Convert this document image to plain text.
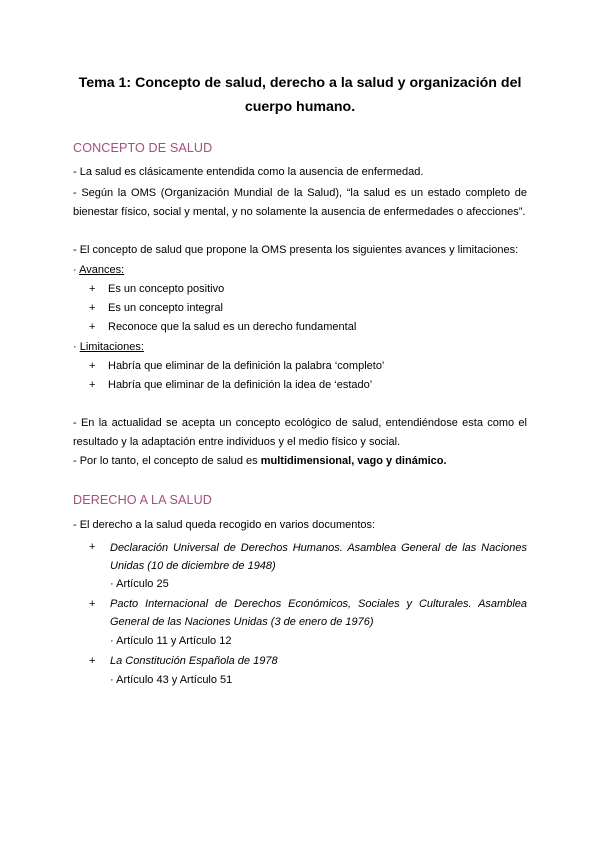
Tema 1: Concepto de salud, derecho a la salud y organización del
cuerpo humano.
CONCEPTO DE SALUD
- La salud es clásicamente entendida como la ausencia de enfermedad.
- Según la OMS (Organización Mundial de la Salud), “la salud es un estado completo de bienestar físico, social y mental, y no solamente la ausencia de enfermedades o afecciones”.
- El concepto de salud que propone la OMS presenta los siguientes avances y limitaciones:
· Avances:
+ Es un concepto positivo
+ Es un concepto integral
+ Reconoce que la salud es un derecho fundamental
· Limitaciones:
+ Habría que eliminar de la definición la palabra ‘completo’
+ Habría que eliminar de la definición la idea de ‘estado’
- En la actualidad se acepta un concepto ecológico de salud, entendiéndose esta como el resultado y la adaptación entre individuos y el medio físico y social.
- Por lo tanto, el concepto de salud es multidimensional, vago y dinámico.
DERECHO A LA SALUD
- El derecho a la salud queda recogido en varios documentos:
+ Declaración Universal de Derechos Humanos. Asamblea General de las Naciones Unidas (10 de diciembre de 1948)
· Artículo 25
+ Pacto Internacional de Derechos Económicos, Sociales y Culturales. Asamblea General de las Naciones Unidas (3 de enero de 1976)
· Artículo 11 y Artículo 12
+ La Constitución Española de 1978
· Artículo 43 y Artículo 51
